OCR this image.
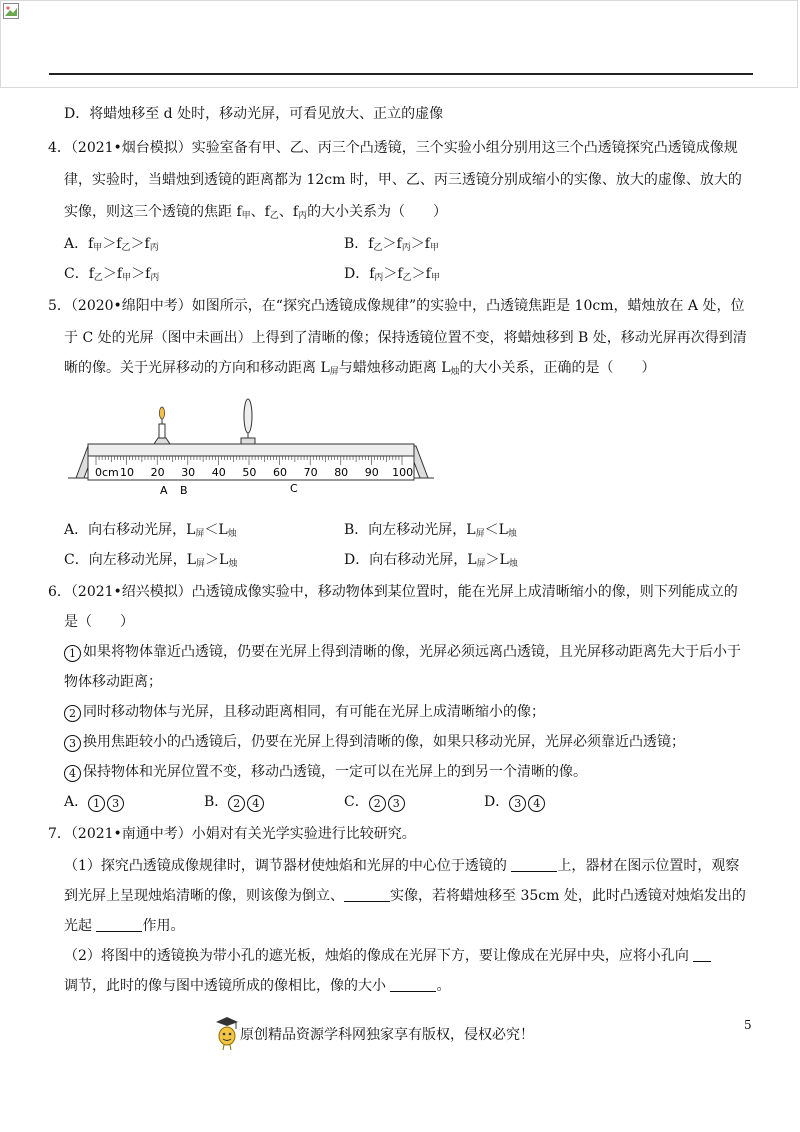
D．将蜡烛移至 d 处时，移动光屏，可看见放大、正立的虚像
4．（2021•烟台模拟）实验室备有甲、乙、丙三个凸透镜，三个实验小组分别用这三个凸透镜探究凸透镜成像规
律，实验时，当蜡烛到透镜的距离都为 12cm 时，甲、乙、丙三透镜分别成缩小的实像、放大的虚像、放大的
实像，则这三个透镜的焦距 $f_甲$、$f_乙$、$f_丙$的大小关系为（　　）
A．$f_甲>f_乙>f_丙$	B．$f_乙>f_丙>f_甲$
C．$f_乙>f_甲>f_丙$	D．$f_丙>f_乙>f_甲$
5．（2020•绵阳中考）如图所示，在“探究凸透镜成像规律”的实验中，凸透镜焦距是 10cm，蜡烛放在 A 处，位
于 C 处的光屏（图中未画出）上得到了清晰的像；保持透镜位置不变，将蜡烛移到 B 处，移动光屏再次得到清
晰的像。关于光屏移动的方向和移动距离 $L_屏$与蜡烛移动距离 $L_烛$的大小关系，正确的是（　　）
0cm 10 20 30 40 50 60 70 80 90 100
A B	C
A．向右移动光屏，$L_屏<L_烛$	B．向左移动光屏，$L_屏<L_烛$
C．向左移动光屏，$L_屏>L_烛$	D．向右移动光屏，$L_屏>L_烛$
6．（2021•绍兴模拟）凸透镜成像实验中，移动物体到某位置时，能在光屏上成清晰缩小的像，则下列能成立的
是（　　）
1 如果将物体靠近凸透镜，仍要在光屏上得到清晰的像，光屏必须远离凸透镜，且光屏移动距离先大于后小于
物体移动距离；
2 同时移动物体与光屏，且移动距离相同，有可能在光屏上成清晰缩小的像；
3 换用焦距较小的凸透镜后，仍要在光屏上得到清晰的像，如果只移动光屏，光屏必须靠近凸透镜；
4 保持物体和光屏位置不变，移动凸透镜，一定可以在光屏上的到另一个清晰的像。
A． 1 3	B． 2 4	C． 2 3	D． 3 4
7．（2021•南通中考）小娟对有关光学实验进行比较研究。
（1）探究凸透镜成像规律时，调节器材使烛焰和光屏的中心位于透镜的	上，器材在图示位置时，观察
到光屏上呈现烛焰清晰的像，则该像为倒立、	实像，若将蜡烛移至 35cm 处，此时凸透镜对烛焰发出的
光起	作用。
（2）将图中的透镜换为带小孔的遮光板，烛焰的像成在光屏下方，要让像成在光屏中央，应将小孔向
调节，此时的像与图中透镜所成的像相比，像的大小	。
原创精品资源学科网独家享有版权，侵权必究！
5
